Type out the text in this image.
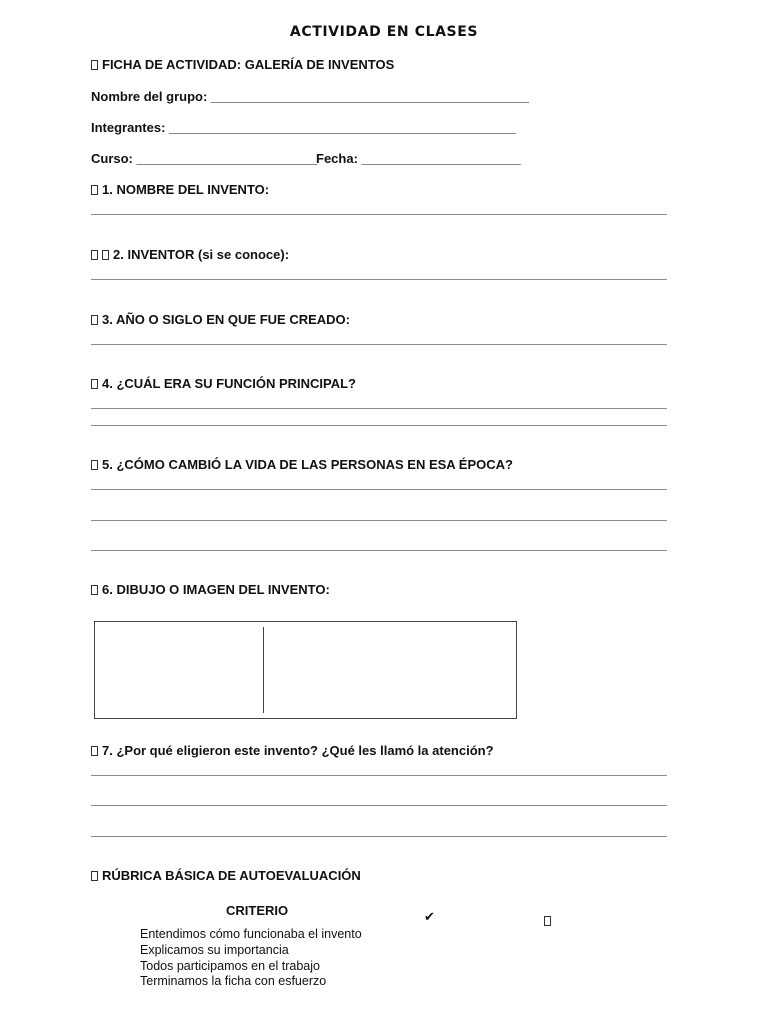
ACTIVIDAD EN CLASES
FICHA DE ACTIVIDAD: GALERÍA DE INVENTOS
Nombre del grupo: ____________________________________________
Integrantes: ________________________________________________
Curso: _________________________
Fecha: ______________________
1. NOMBRE DEL INVENTO:
2. INVENTOR (si se conoce):
3. AÑO O SIGLO EN QUE FUE CREADO:
4. ¿CUÁL ERA SU FUNCIÓN PRINCIPAL?
5. ¿CÓMO CAMBIÓ LA VIDA DE LAS PERSONAS EN ESA ÉPOCA?
6. DIBUJO O IMAGEN DEL INVENTO:
7. ¿Por qué eligieron este invento? ¿Qué les llamó la atención?
RÚBRICA BÁSICA DE AUTOEVALUACIÓN
CRITERIO	✔
Entendimos cómo funcionaba el invento
Explicamos su importancia
Todos participamos en el trabajo
Terminamos la ficha con esfuerzo
